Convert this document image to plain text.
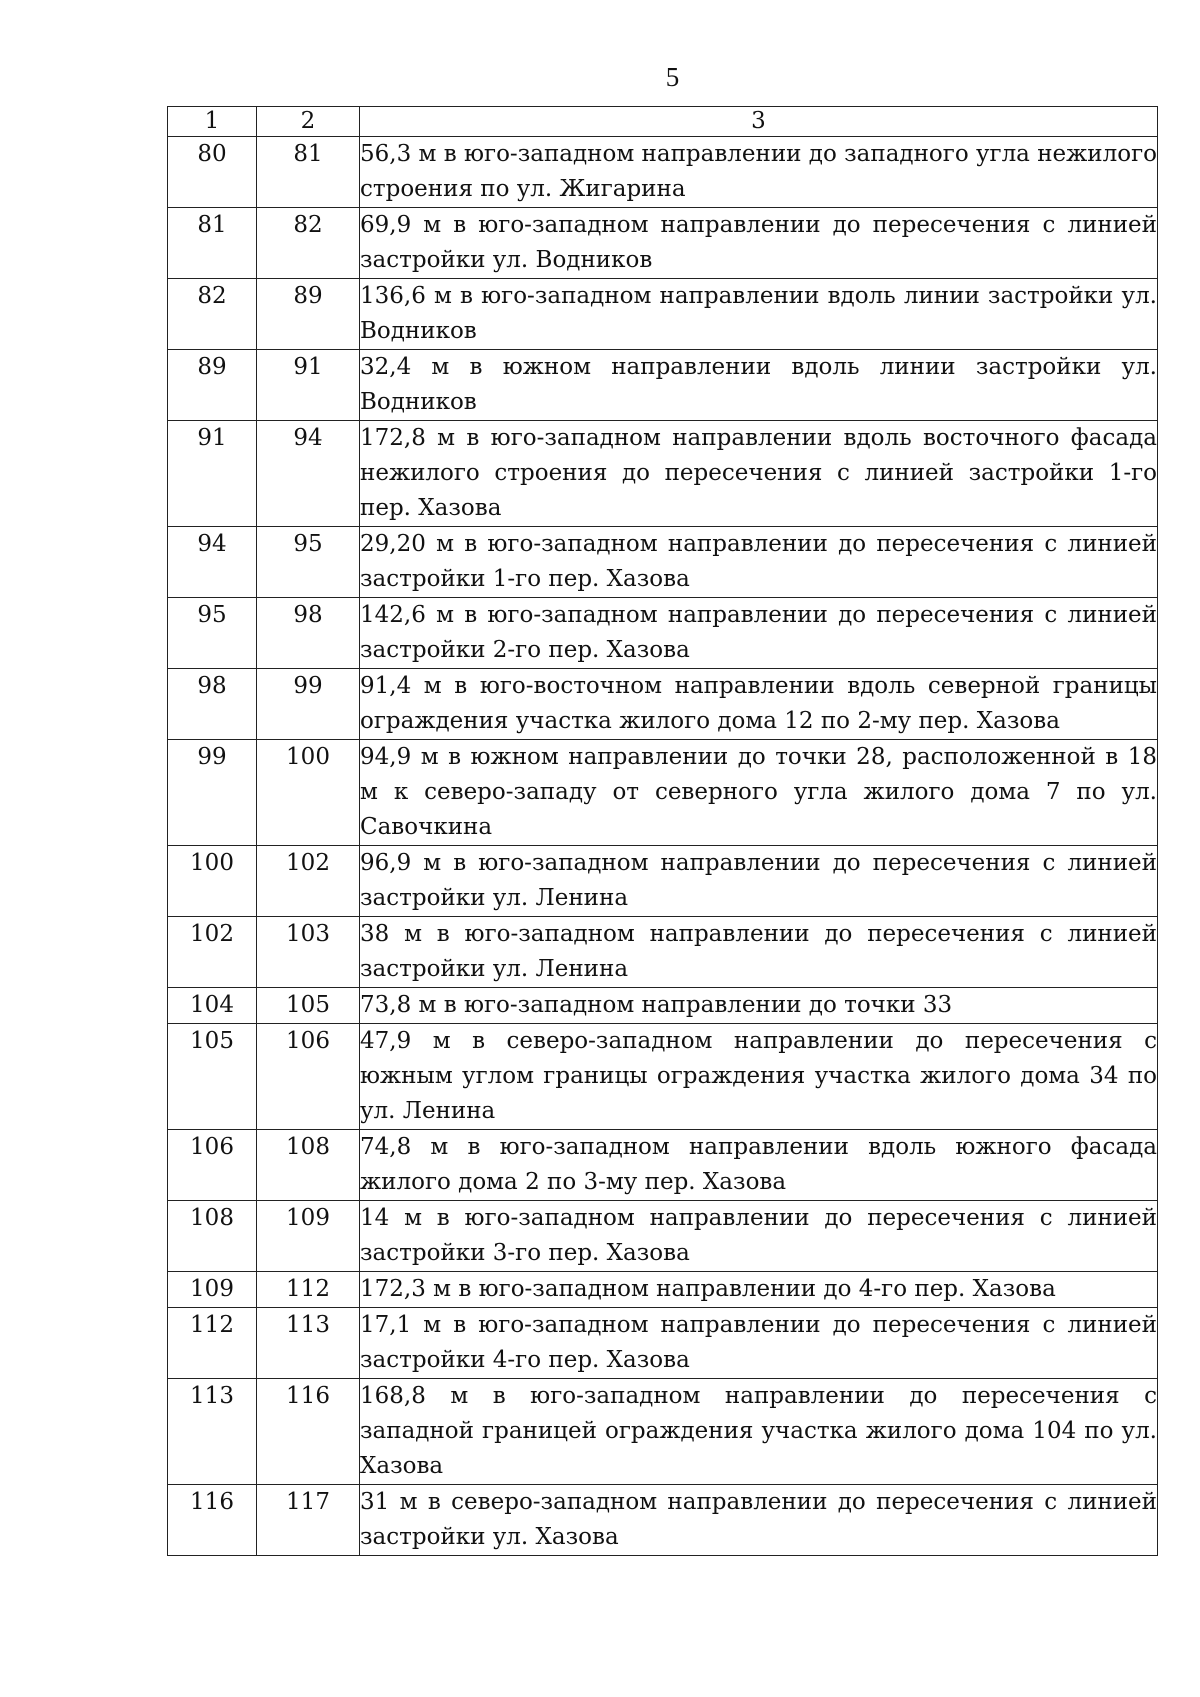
5
1	2	3
80	81	56,3 м в юго-западном направлении до западного угла нежилого строения по ул. Жигарина
81	82	69,9 м в юго-западном направлении до пересечения с линией застройки ул. Водников
82	89	136,6 м в юго-западном направлении вдоль линии застройки ул. Водников
89	91	32,4 м в южном направлении вдоль линии застройки ул. Водников
91	94	172,8 м в юго-западном направлении вдоль восточного фасада нежилого строения до пересечения с линией застройки 1-го пер. Хазова
94	95	29,20 м в юго-западном направлении до пересечения с линией застройки 1-го пер. Хазова
95	98	142,6 м в юго-западном направлении до пересечения с линией застройки 2-го пер. Хазова
98	99	91,4 м в юго-восточном направлении вдоль северной границы ограждения участка жилого дома 12 по 2-му пер. Хазова
99	100	94,9 м в южном направлении до точки 28, расположенной в 18 м к северо-западу от северного угла жилого дома 7 по ул. Савочкина
100	102	96,9 м в юго-западном направлении до пересечения с линией застройки ул. Ленина
102	103	38 м в юго-западном направлении до пересечения с линией застройки ул. Ленина
104	105	73,8 м в юго-западном направлении до точки 33
105	106	47,9 м в северо-западном направлении до пересечения с южным углом границы ограждения участка жилого дома 34 по ул. Ленина
106	108	74,8 м в юго-западном направлении вдоль южного фасада жилого дома 2 по 3-му пер. Хазова
108	109	14 м в юго-западном направлении до пересечения с линией застройки 3-го пер. Хазова
109	112	172,3 м в юго-западном направлении до 4-го пер. Хазова
112	113	17,1 м в юго-западном направлении до пересечения с линией застройки 4-го пер. Хазова
113	116	168,8 м в юго-западном направлении до пересечения с западной границей ограждения участка жилого дома 104 по ул. Хазова
116	117	31 м в северо-западном направлении до пересечения с линией застройки ул. Хазова
